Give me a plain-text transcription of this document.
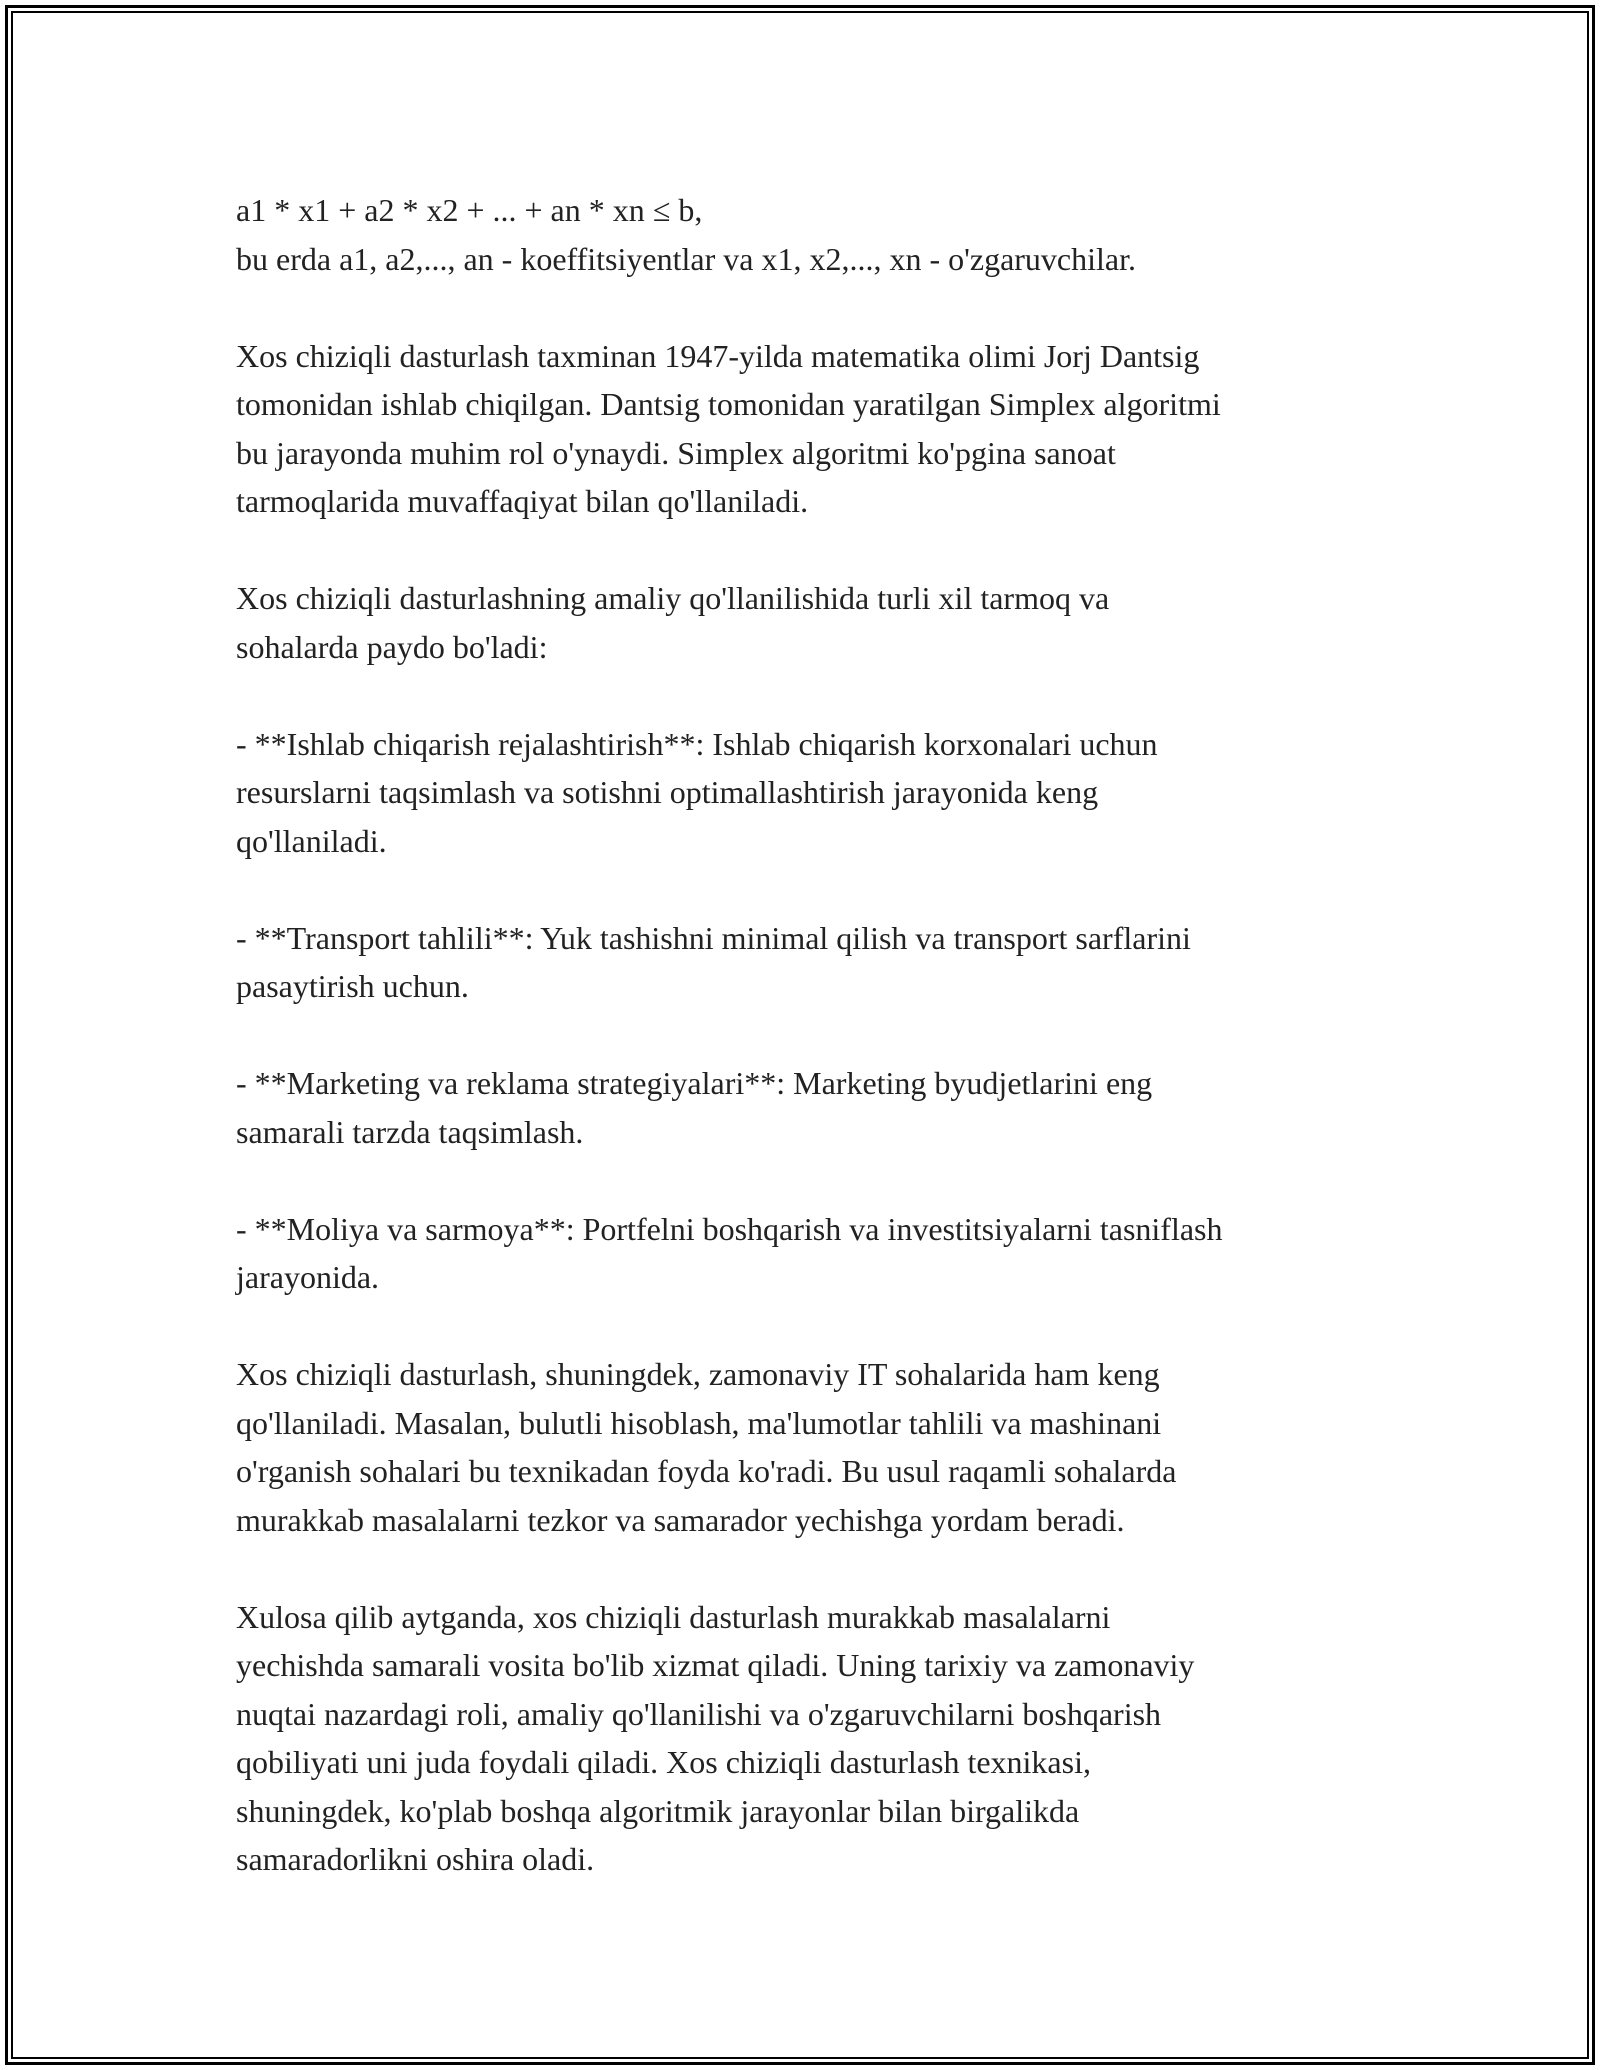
a1 * x1 + a2 * x2 + ... + an * xn ≤ b,
bu erda a1, a2,..., an - koeffitsiyentlar va x1, x2,..., xn - o'zgaruvchilar.

Xos chiziqli dasturlash taxminan 1947-yilda matematika olimi Jorj Dantsig
tomonidan ishlab chiqilgan. Dantsig tomonidan yaratilgan Simplex algoritmi
bu jarayonda muhim rol o'ynaydi. Simplex algoritmi ko'pgina sanoat
tarmoqlarida muvaffaqiyat bilan qo'llaniladi.

Xos chiziqli dasturlashning amaliy qo'llanilishida turli xil tarmoq va
sohalarda paydo bo'ladi:

- **Ishlab chiqarish rejalashtirish**: Ishlab chiqarish korxonalari uchun
resurslarni taqsimlash va sotishni optimallashtirish jarayonida keng
qo'llaniladi.

- **Transport tahlili**: Yuk tashishni minimal qilish va transport sarflarini
pasaytirish uchun.

- **Marketing va reklama strategiyalari**: Marketing byudjetlarini eng
samarali tarzda taqsimlash.

- **Moliya va sarmoya**: Portfelni boshqarish va investitsiyalarni tasniflash
jarayonida.

Xos chiziqli dasturlash, shuningdek, zamonaviy IT sohalarida ham keng
qo'llaniladi. Masalan, bulutli hisoblash, ma'lumotlar tahlili va mashinani
o'rganish sohalari bu texnikadan foyda ko'radi. Bu usul raqamli sohalarda
murakkab masalalarni tezkor va samarador yechishga yordam beradi.

Xulosa qilib aytganda, xos chiziqli dasturlash murakkab masalalarni
yechishda samarali vosita bo'lib xizmat qiladi. Uning tarixiy va zamonaviy
nuqtai nazardagi roli, amaliy qo'llanilishi va o'zgaruvchilarni boshqarish
qobiliyati uni juda foydali qiladi. Xos chiziqli dasturlash texnikasi,
shuningdek, ko'plab boshqa algoritmik jarayonlar bilan birgalikda
samaradorlikni oshira oladi.
